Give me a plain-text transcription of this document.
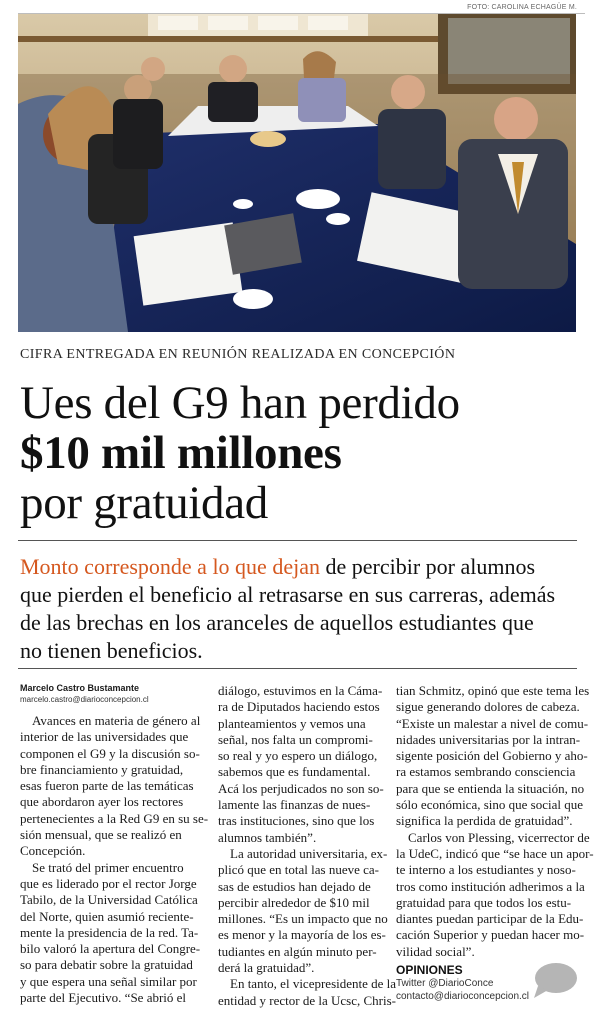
FOTO: CAROLINA ECHAGÜE M.
CIFRA ENTREGADA EN REUNIÓN REALIZADA EN CONCEPCIÓN
Ues del G9 han perdido
$10 mil millones
por gratuidad
Monto corresponde a lo que dejan de percibir por alumnos
que pierden el beneficio al retrasarse en sus carreras, además
de las brechas en los aranceles de aquellos estudiantes que
no tienen beneficios.
Marcelo Castro Bustamante
marcelo.castro@diarioconcepcion.cl
Avances en materia de género al
interior de las universidades que
componen el G9 y la discusión so-
bre financiamiento y gratuidad,
esas fueron parte de las temáticas
que abordaron ayer los rectores
pertenecientes a la Red G9 en su se-
sión mensual, que se realizó en
Concepción.
Se trató del primer encuentro
que es liderado por el rector Jorge
Tabilo, de la Universidad Católica
del Norte, quien asumió reciente-
mente la presidencia de la red. Ta-
bilo valoró la apertura del Congre-
so para debatir sobre la gratuidad
y que espera una señal similar por
parte del Ejecutivo. “Se abrió el
diálogo, estuvimos en la Cáma-
ra de Diputados haciendo estos
planteamientos y vemos una
señal, nos falta un compromi-
so real y yo espero un diálogo,
sabemos que es fundamental.
Acá los perjudicados no son so-
lamente las finanzas de nues-
tras instituciones, sino que los
alumnos también”.
La autoridad universitaria, ex-
plicó que en total las nueve ca-
sas de estudios han dejado de
percibir alrededor de $10 mil
millones. “Es un impacto que no
es menor y la mayoría de los es-
tudiantes en algún minuto per-
derá la gratuidad”.
En tanto, el vicepresidente de la
entidad y rector de la Ucsc, Chris-
tian Schmitz, opinó que este tema les
sigue generando dolores de cabeza.
“Existe un malestar a nivel de comu-
nidades universitarias por la intran-
sigente posición del Gobierno y aho-
ra estamos sembrando consciencia
para que se entienda la situación, no
sólo económica, sino que social que
significa la perdida de gratuidad”.
Carlos von Plessing, vicerrector de
la UdeC, indicó que “se hace un apor-
te interno a los estudiantes y noso-
tros como institución adherimos a la
gratuidad para que todos los estu-
diantes puedan participar de la Edu-
cación Superior y puedan hacer mo-
vilidad social”.
OPINIONES
Twitter @DiarioConce
contacto@diarioconcepcion.cl
